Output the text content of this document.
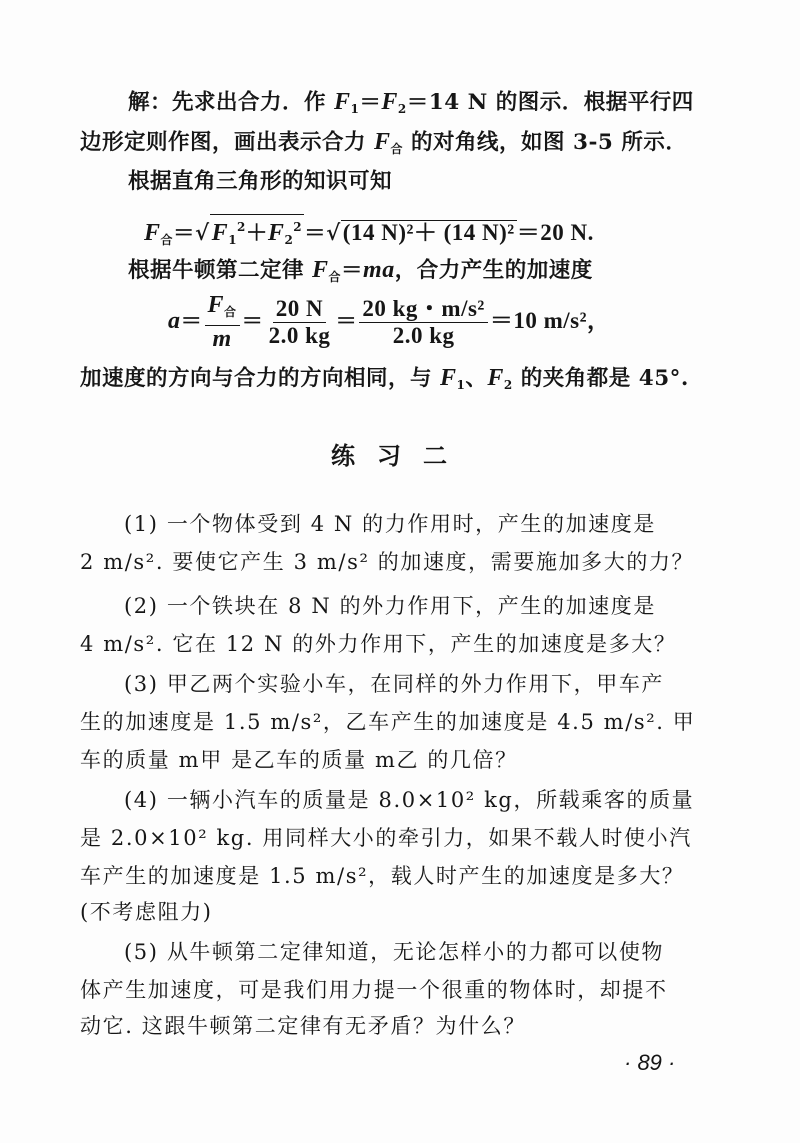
解：先求出合力．作 $F_1=F_2=14$ N 的图示．根据平行四
边形定则作图，画出表示合力 $F_合$ 的对角线，如图 3-5 所示．
根据直角三角形的知识可知
$F_合=√F_1^2+F_2^2=√(14$ N)²＋ (14 N)²＝20 N.
根据牛顿第二定律 $F_合=ma$，合力产生的加速度
$a= \frac{F_合}{m} = \frac{20 N}{2.0 kg} = \frac{\text{20 kg・m/s²}}{2.0 kg} =10$ m/s²，
加速度的方向与合力的方向相同，与 $F_1$、$F_2$ 的夹角都是 45°.
练习二
(1) 一个物体受到 4 N 的力作用时，产生的加速度是
2 m/s². 要使它产生 3 m/s² 的加速度，需要施加多大的力？
(2) 一个铁块在 8 N 的外力作用下，产生的加速度是
4 m/s². 它在 12 N 的外力作用下，产生的加速度是多大？
(3) 甲乙两个实验小车，在同样的外力作用下，甲车产
生的加速度是 1.5 m/s²，乙车产生的加速度是 4.5 m/s². 甲
车的质量 m甲 是乙车的质量 m乙 的几倍？
(4) 一辆小汽车的质量是 8.0×10² kg，所载乘客的质量
是 2.0×10² kg. 用同样大小的牵引力，如果不载人时使小汽
车产生的加速度是 1.5 m/s²，载人时产生的加速度是多大？
(不考虑阻力)
(5) 从牛顿第二定律知道，无论怎样小的力都可以使物
体产生加速度，可是我们用力提一个很重的物体时，却提不
动它. 这跟牛顿第二定律有无矛盾？为什么？
· 89 ·
